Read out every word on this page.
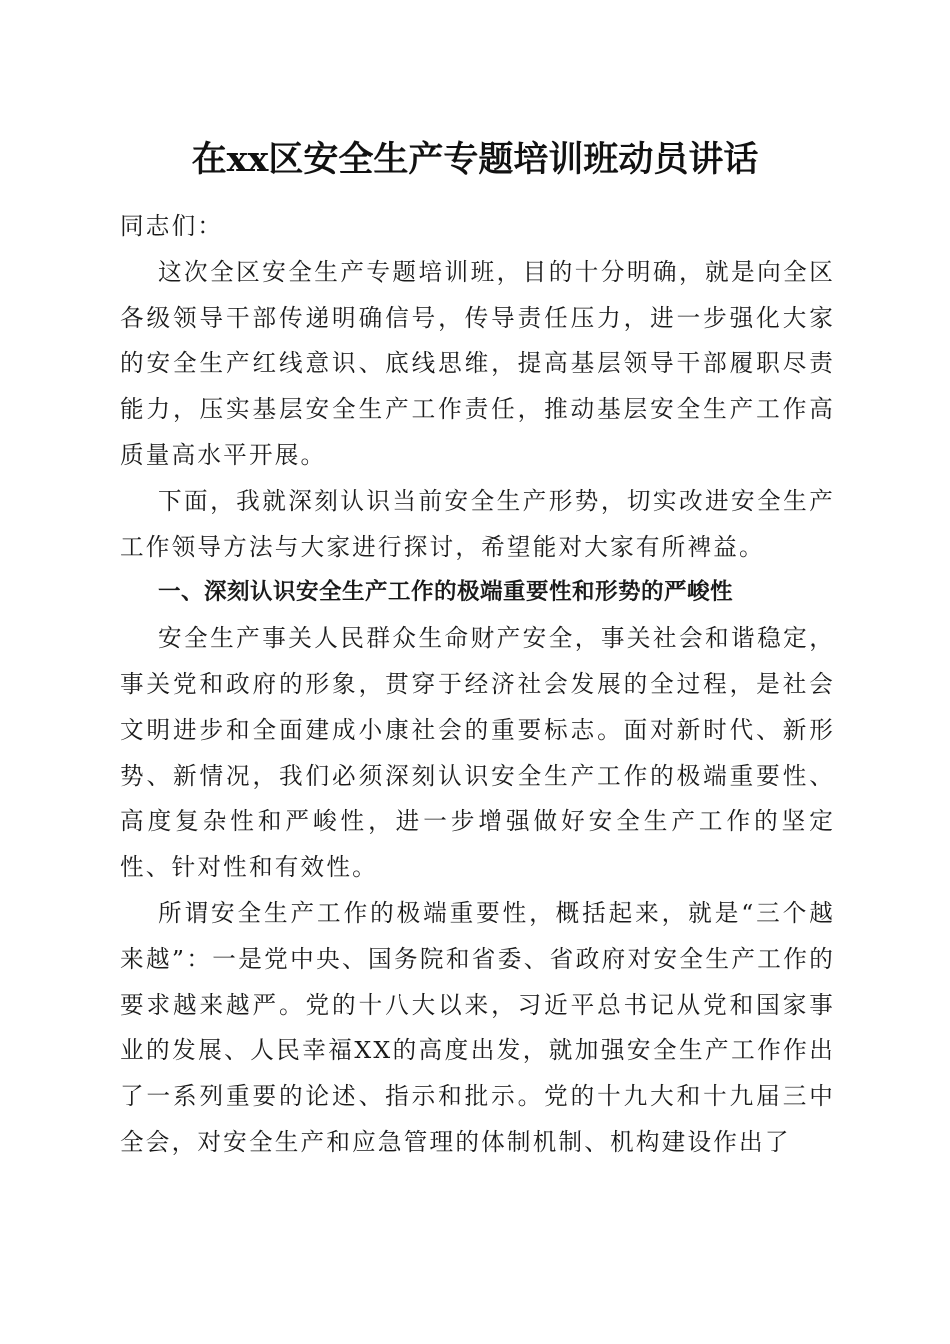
在xx区安全生产专题培训班动员讲话

同志们：

这次全区安全生产专题培训班，目的十分明确，就是向全区各级领导干部传递明确信号，传导责任压力，进一步强化大家的安全生产红线意识、底线思维，提高基层领导干部履职尽责能力，压实基层安全生产工作责任，推动基层安全生产工作高质量高水平开展。

下面，我就深刻认识当前安全生产形势，切实改进安全生产工作领导方法与大家进行探讨，希望能对大家有所裨益。

一、深刻认识安全生产工作的极端重要性和形势的严峻性

安全生产事关人民群众生命财产安全，事关社会和谐稳定，事关党和政府的形象，贯穿于经济社会发展的全过程，是社会文明进步和全面建成小康社会的重要标志。面对新时代、新形势、新情况，我们必须深刻认识安全生产工作的极端重要性、高度复杂性和严峻性，进一步增强做好安全生产工作的坚定性、针对性和有效性。

所谓安全生产工作的极端重要性，概括起来，就是“三个越来越”：一是党中央、国务院和省委、省政府对安全生产工作的要求越来越严。党的十八大以来，习近平总书记从党和国家事业的发展、人民幸福XX的高度出发，就加强安全生产工作作出了一系列重要的论述、指示和批示。党的十九大和十九届三中全会，对安全生产和应急管理的体制机制、机构建设作出了
